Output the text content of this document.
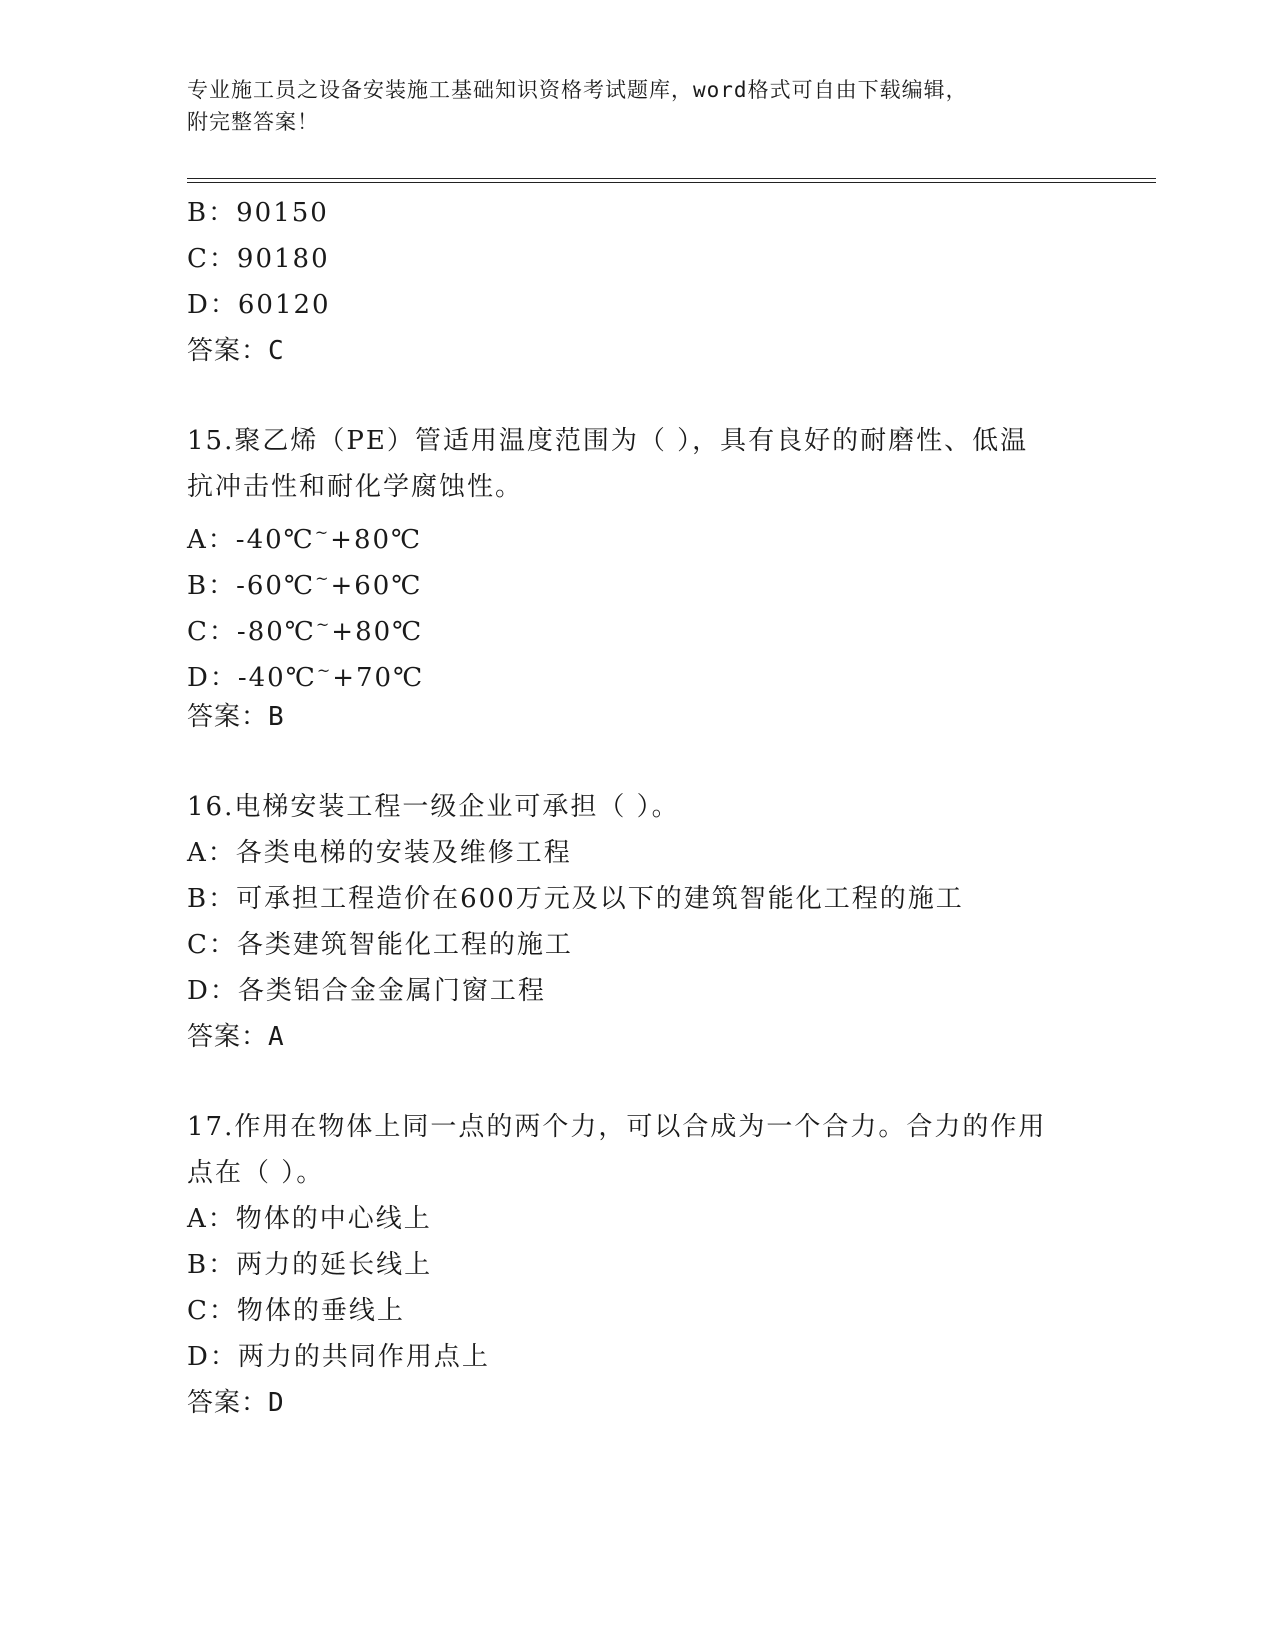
专业施工员之设备安装施工基础知识资格考试题库，word格式可自由下载编辑，
附完整答案！
B：90150
C：90180
D：60120
答案：C
15.聚乙烯（PE）管适用温度范围为（ ），具有良好的耐磨性、低温
抗冲击性和耐化学腐蚀性。
A：-40℃~+80℃
B：-60℃~+60℃
C：-80℃~+80℃
D：-40℃~+70℃
答案：B
16.电梯安装工程一级企业可承担（ ）。
A：各类电梯的安装及维修工程
B：可承担工程造价在600万元及以下的建筑智能化工程的施工
C：各类建筑智能化工程的施工
D：各类铝合金金属门窗工程
答案：A
17.作用在物体上同一点的两个力，可以合成为一个合力。合力的作用
点在（ ）。
A：物体的中心线上
B：两力的延长线上
C：物体的垂线上
D：两力的共同作用点上
答案：D
